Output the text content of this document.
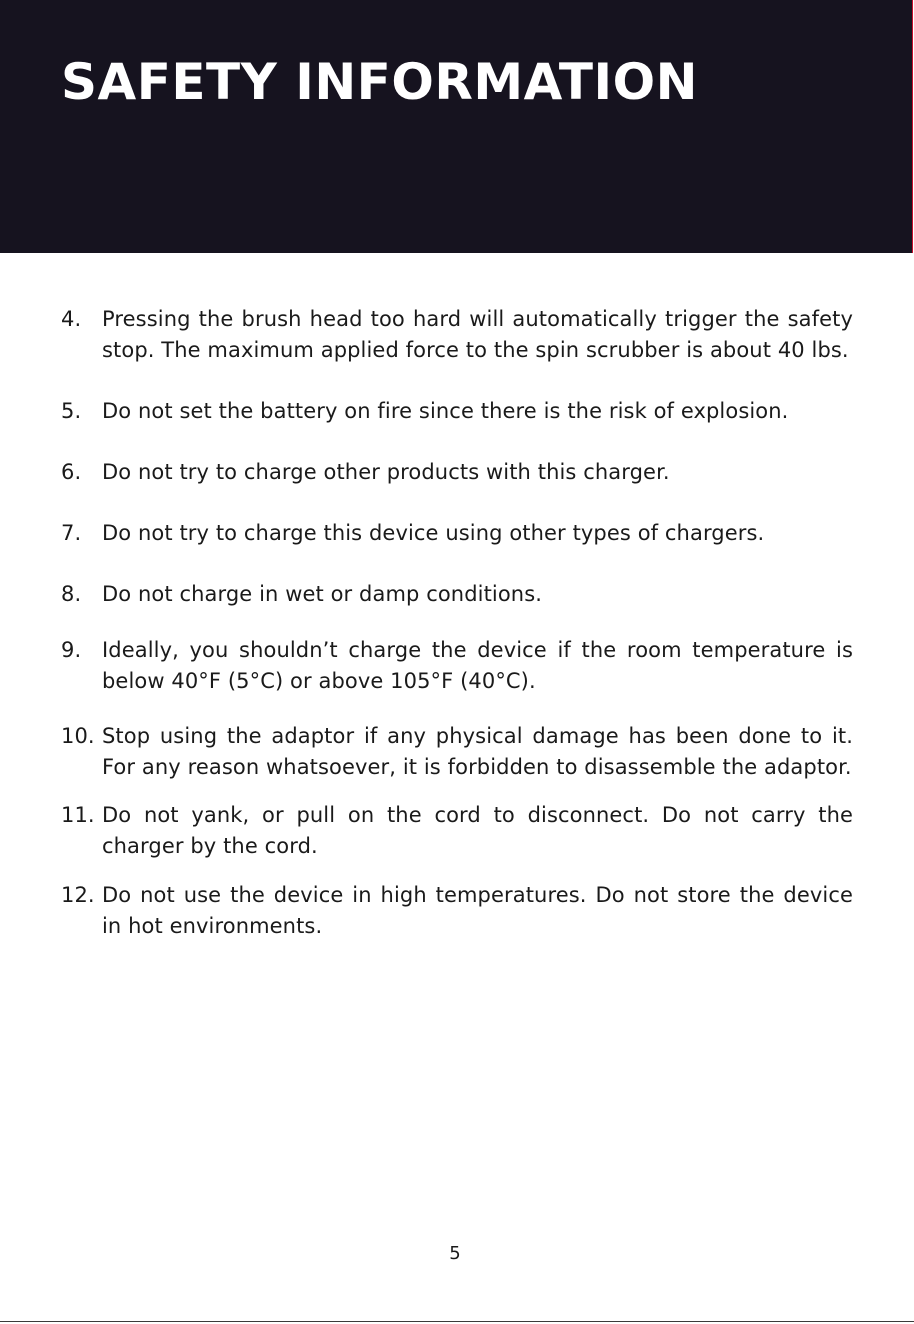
SAFETY INFORMATION
4. Pressing the brush head too hard will automatically trigger the safety stop. The maximum applied force to the spin scrubber is about 40 lbs.
5. Do not set the battery on fire since there is the risk of explosion.
6. Do not try to charge other products with this charger.
7. Do not try to charge this device using other types of chargers.
8. Do not charge in wet or damp conditions.
9. Ideally, you shouldn’t charge the device if the room temperature is below 40°F (5°C) or above 105°F (40°C).
10. Stop using the adaptor if any physical damage has been done to it. For any reason whatsoever, it is forbidden to disassemble the adaptor.
11. Do not yank, or pull on the cord to disconnect. Do not carry the charger by the cord.
12. Do not use the device in high temperatures. Do not store the device in hot environments.
5
